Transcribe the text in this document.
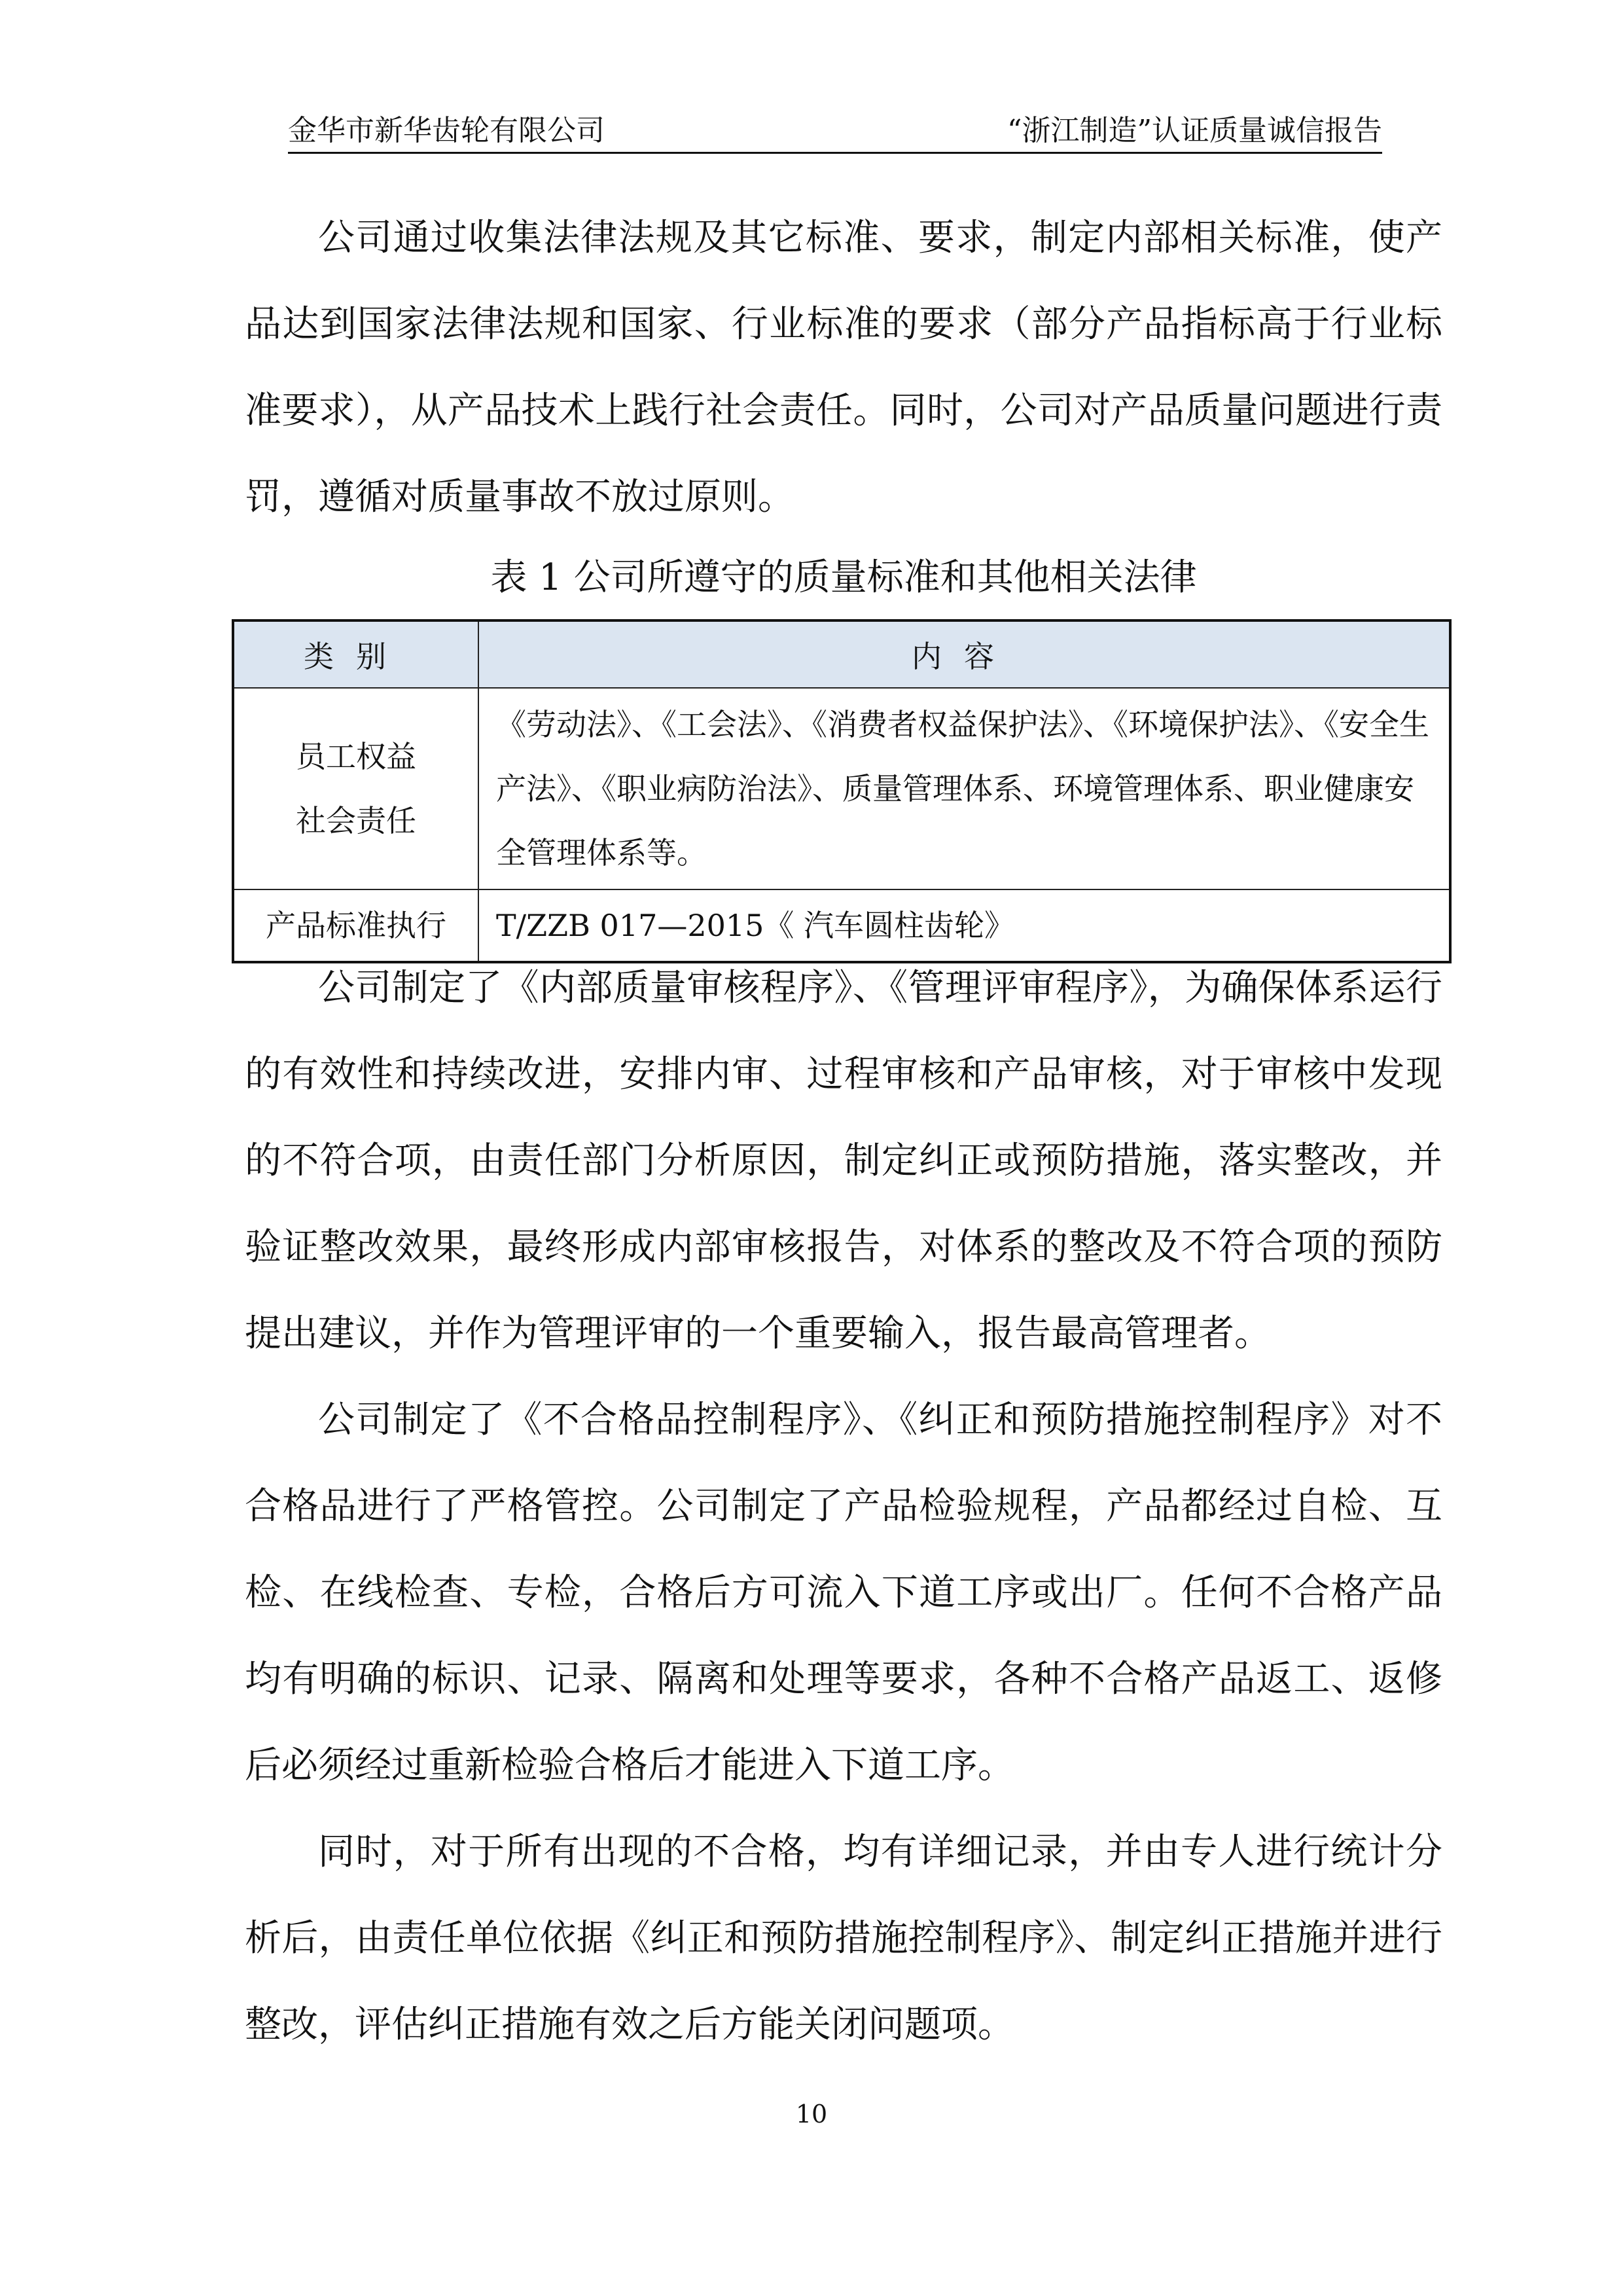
金华市新华齿轮有限公司	“浙江制造”认证质量诚信报告

公司通过收集法律法规及其它标准、要求，制定内部相关标准，使产品达到国家法律法规和国家、行业标准的要求（部分产品指标高于行业标准要求），从产品技术上践行社会责任。同时，公司对产品质量问题进行责罚，遵循对质量事故不放过原则。

表 1 公司所遵守的质量标准和其他相关法律
类别	内容

员工权益
社会责任	《劳动法》、《工会法》、《消费者权益保护法》、《环境保护法》、《安全生产法》、《职业病防治法》、质量管理体系、环境管理体系、职业健康安全管理体系等。
产品标准执行	T/ZZB 017—2015《 汽车圆柱齿轮》

公司制定了《内部质量审核程序》、《管理评审程序》，为确保体系运行的有效性和持续改进，安排内审、过程审核和产品审核，对于审核中发现的不符合项，由责任部门分析原因，制定纠正或预防措施，落实整改，并验证整改效果，最终形成内部审核报告，对体系的整改及不符合项的预防提出建议，并作为管理评审的一个重要输入，报告最高管理者。

公司制定了《不合格品控制程序》、《纠正和预防措施控制程序》对不合格品进行了严格管控。公司制定了产品检验规程，产品都经过自检、互检、在线检查、专检，合格后方可流入下道工序或出厂。任何不合格产品均有明确的标识、记录、隔离和处理等要求，各种不合格产品返工、返修后必须经过重新检验合格后才能进入下道工序。

同时，对于所有出现的不合格，均有详细记录，并由专人进行统计分析后，由责任单位依据《纠正和预防措施控制程序》、制定纠正措施并进行整改，评估纠正措施有效之后方能关闭问题项。

10
